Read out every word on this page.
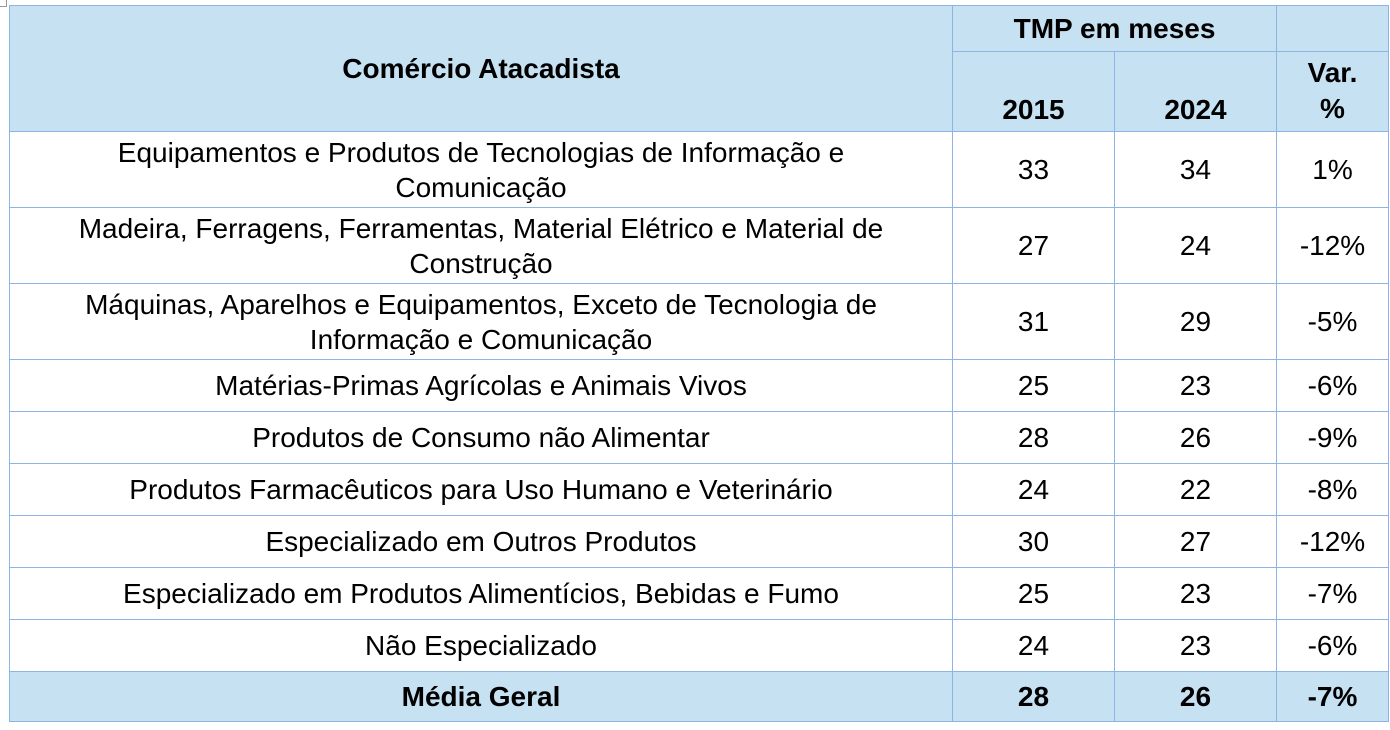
Comércio Atacadista	TMP em meses		
	2015	2024	Var.
%
Equipamentos e Produtos de Tecnologias de Informação e
Comunicação	33	34	1%
Madeira, Ferragens, Ferramentas, Material Elétrico e Material de
Construção	27	24	-12%
Máquinas, Aparelhos e Equipamentos, Exceto de Tecnologia de
Informação e Comunicação	31	29	-5%
Matérias-Primas Agrícolas e Animais Vivos	25	23	-6%
Produtos de Consumo não Alimentar	28	26	-9%
Produtos Farmacêuticos para Uso Humano e Veterinário	24	22	-8%
Especializado em Outros Produtos	30	27	-12%
Especializado em Produtos Alimentícios, Bebidas e Fumo	25	23	-7%
Não Especializado	24	23	-6%
Média Geral	28	26	-7%
